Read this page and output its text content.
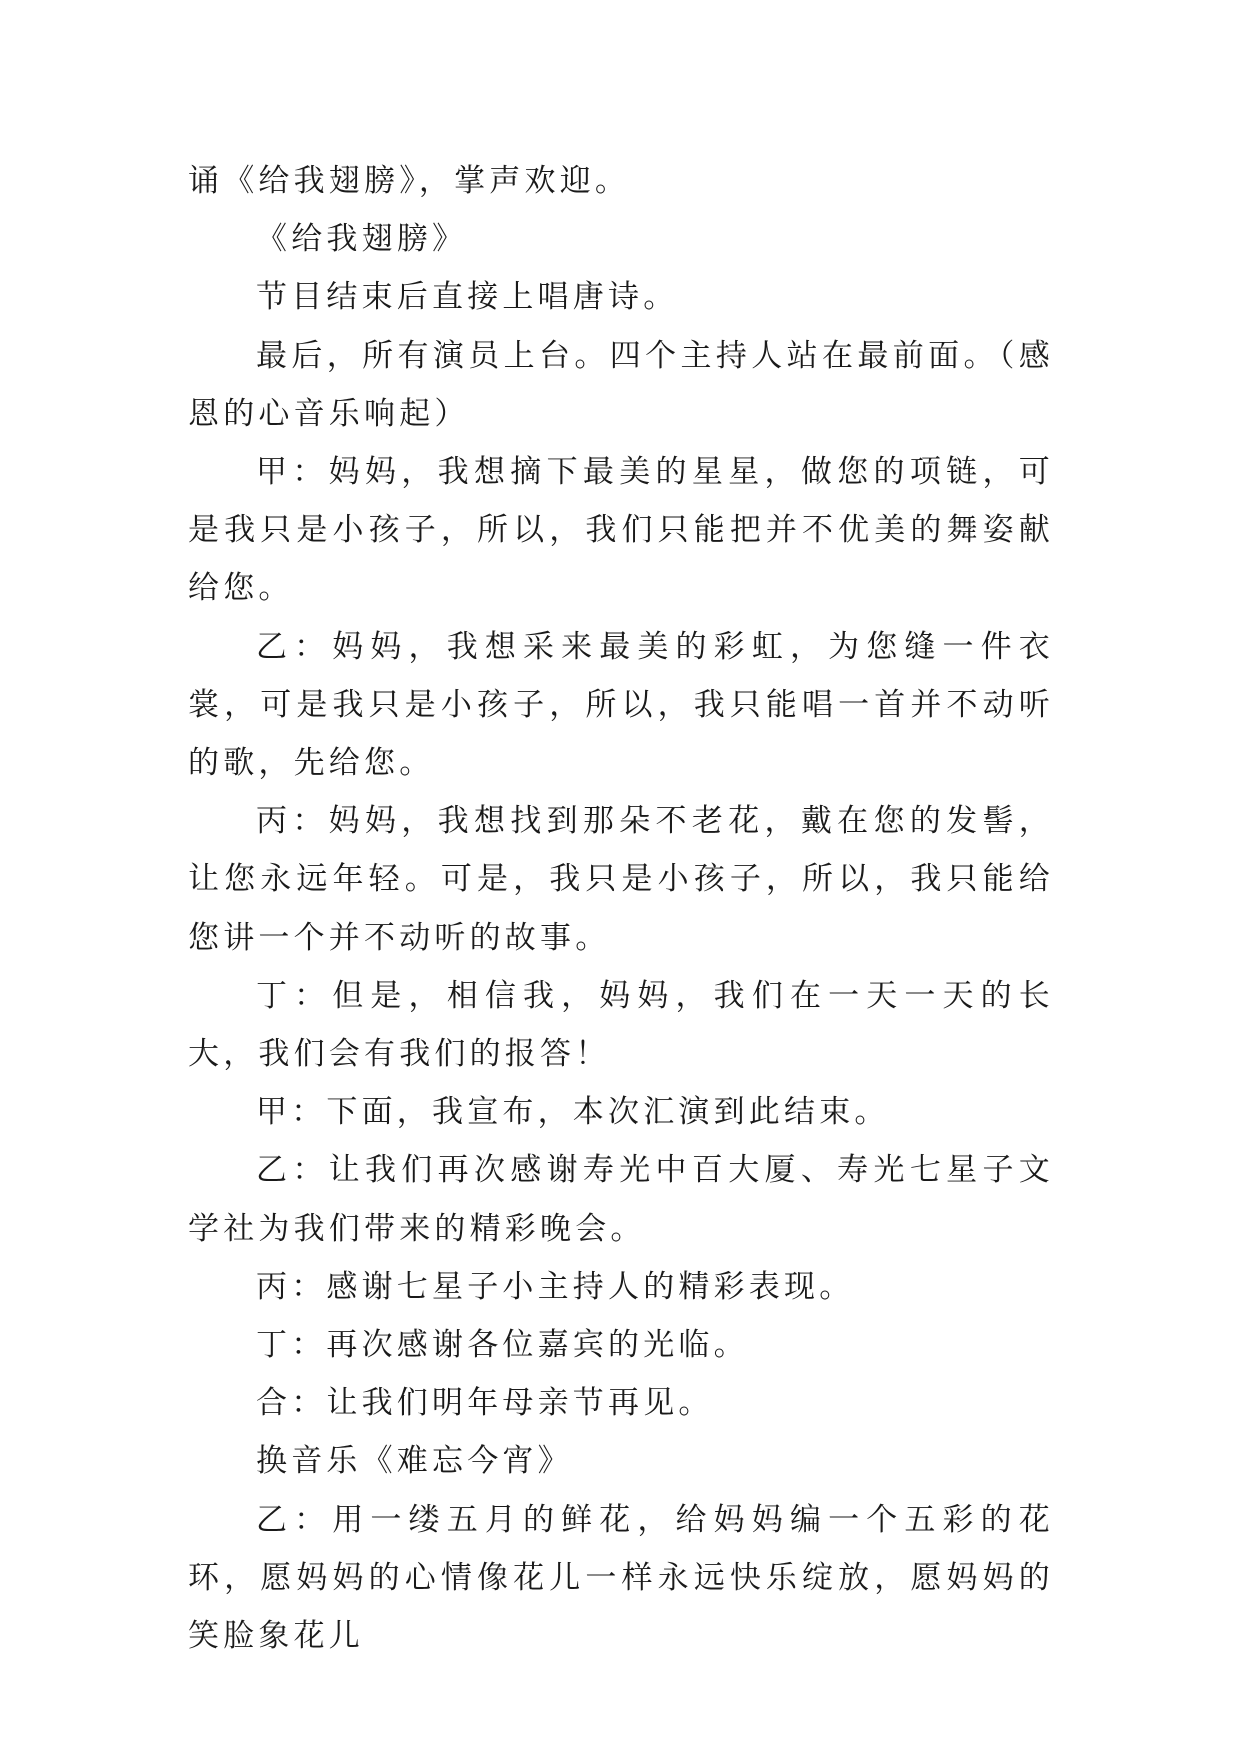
诵《给我翅膀》，掌声欢迎。

《给我翅膀》

节目结束后直接上唱唐诗。

最后，所有演员上台。四个主持人站在最前面。（感恩的心音乐响起）

甲：妈妈，我想摘下最美的星星，做您的项链，可是我只是小孩子，所以，我们只能把并不优美的舞姿献给您。

乙：妈妈，我想采来最美的彩虹，为您缝一件衣裳，可是我只是小孩子，所以，我只能唱一首并不动听的歌，先给您。

丙：妈妈，我想找到那朵不老花，戴在您的发髻，让您永远年轻。可是，我只是小孩子，所以，我只能给您讲一个并不动听的故事。

丁：但是，相信我，妈妈，我们在一天一天的长大，我们会有我们的报答！

甲：下面，我宣布，本次汇演到此结束。

乙：让我们再次感谢寿光中百大厦、寿光七星子文学社为我们带来的精彩晚会。

丙：感谢七星子小主持人的精彩表现。

丁：再次感谢各位嘉宾的光临。

合：让我们明年母亲节再见。

换音乐《难忘今宵》

乙：用一缕五月的鲜花，给妈妈编一个五彩的花环，愿妈妈的心情像花儿一样永远快乐绽放，愿妈妈的笑脸象花儿
